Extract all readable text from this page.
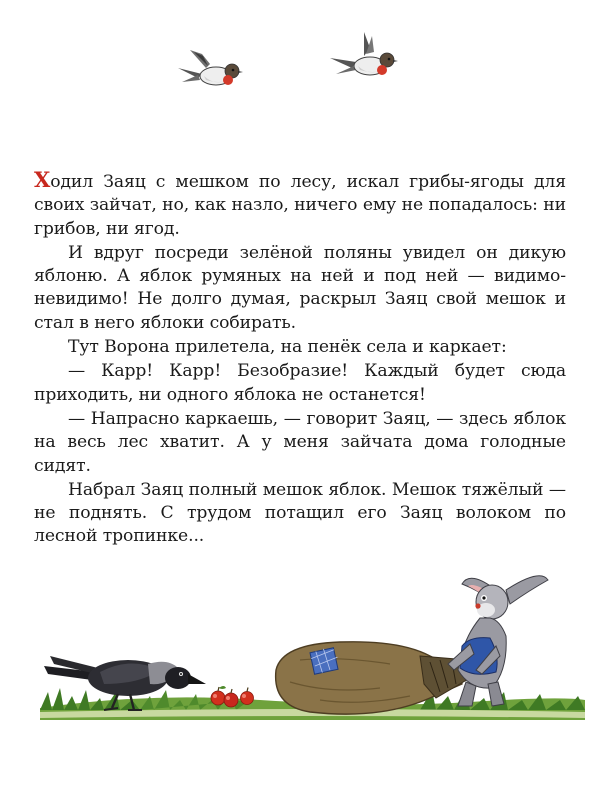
Ходил Заяц с мешком по лесу, искал грибы-ягоды для своих зайчат, но, как назло, ничего ему не попадалось: ни грибов, ни ягод.

И вдруг посреди зелёной поляны увидел он дикую яблоню. А яблок румяных на ней и под ней — видимо-невидимо! Не долго думая, раскрыл Заяц свой мешок и стал в него яблоки собирать.

Тут Ворона прилетела, на пенёк села и каркает:

— Карр! Карр! Безобразие! Каждый будет сюда приходить, ни одного яблока не останется!

— Напрасно каркаешь, — говорит Заяц, — здесь яблок на весь лес хватит. А у меня зайчата дома голодные сидят.

Набрал Заяц полный мешок яблок. Мешок тяжёлый — не поднять. С трудом потащил его Заяц волоком по лесной тропинке...
